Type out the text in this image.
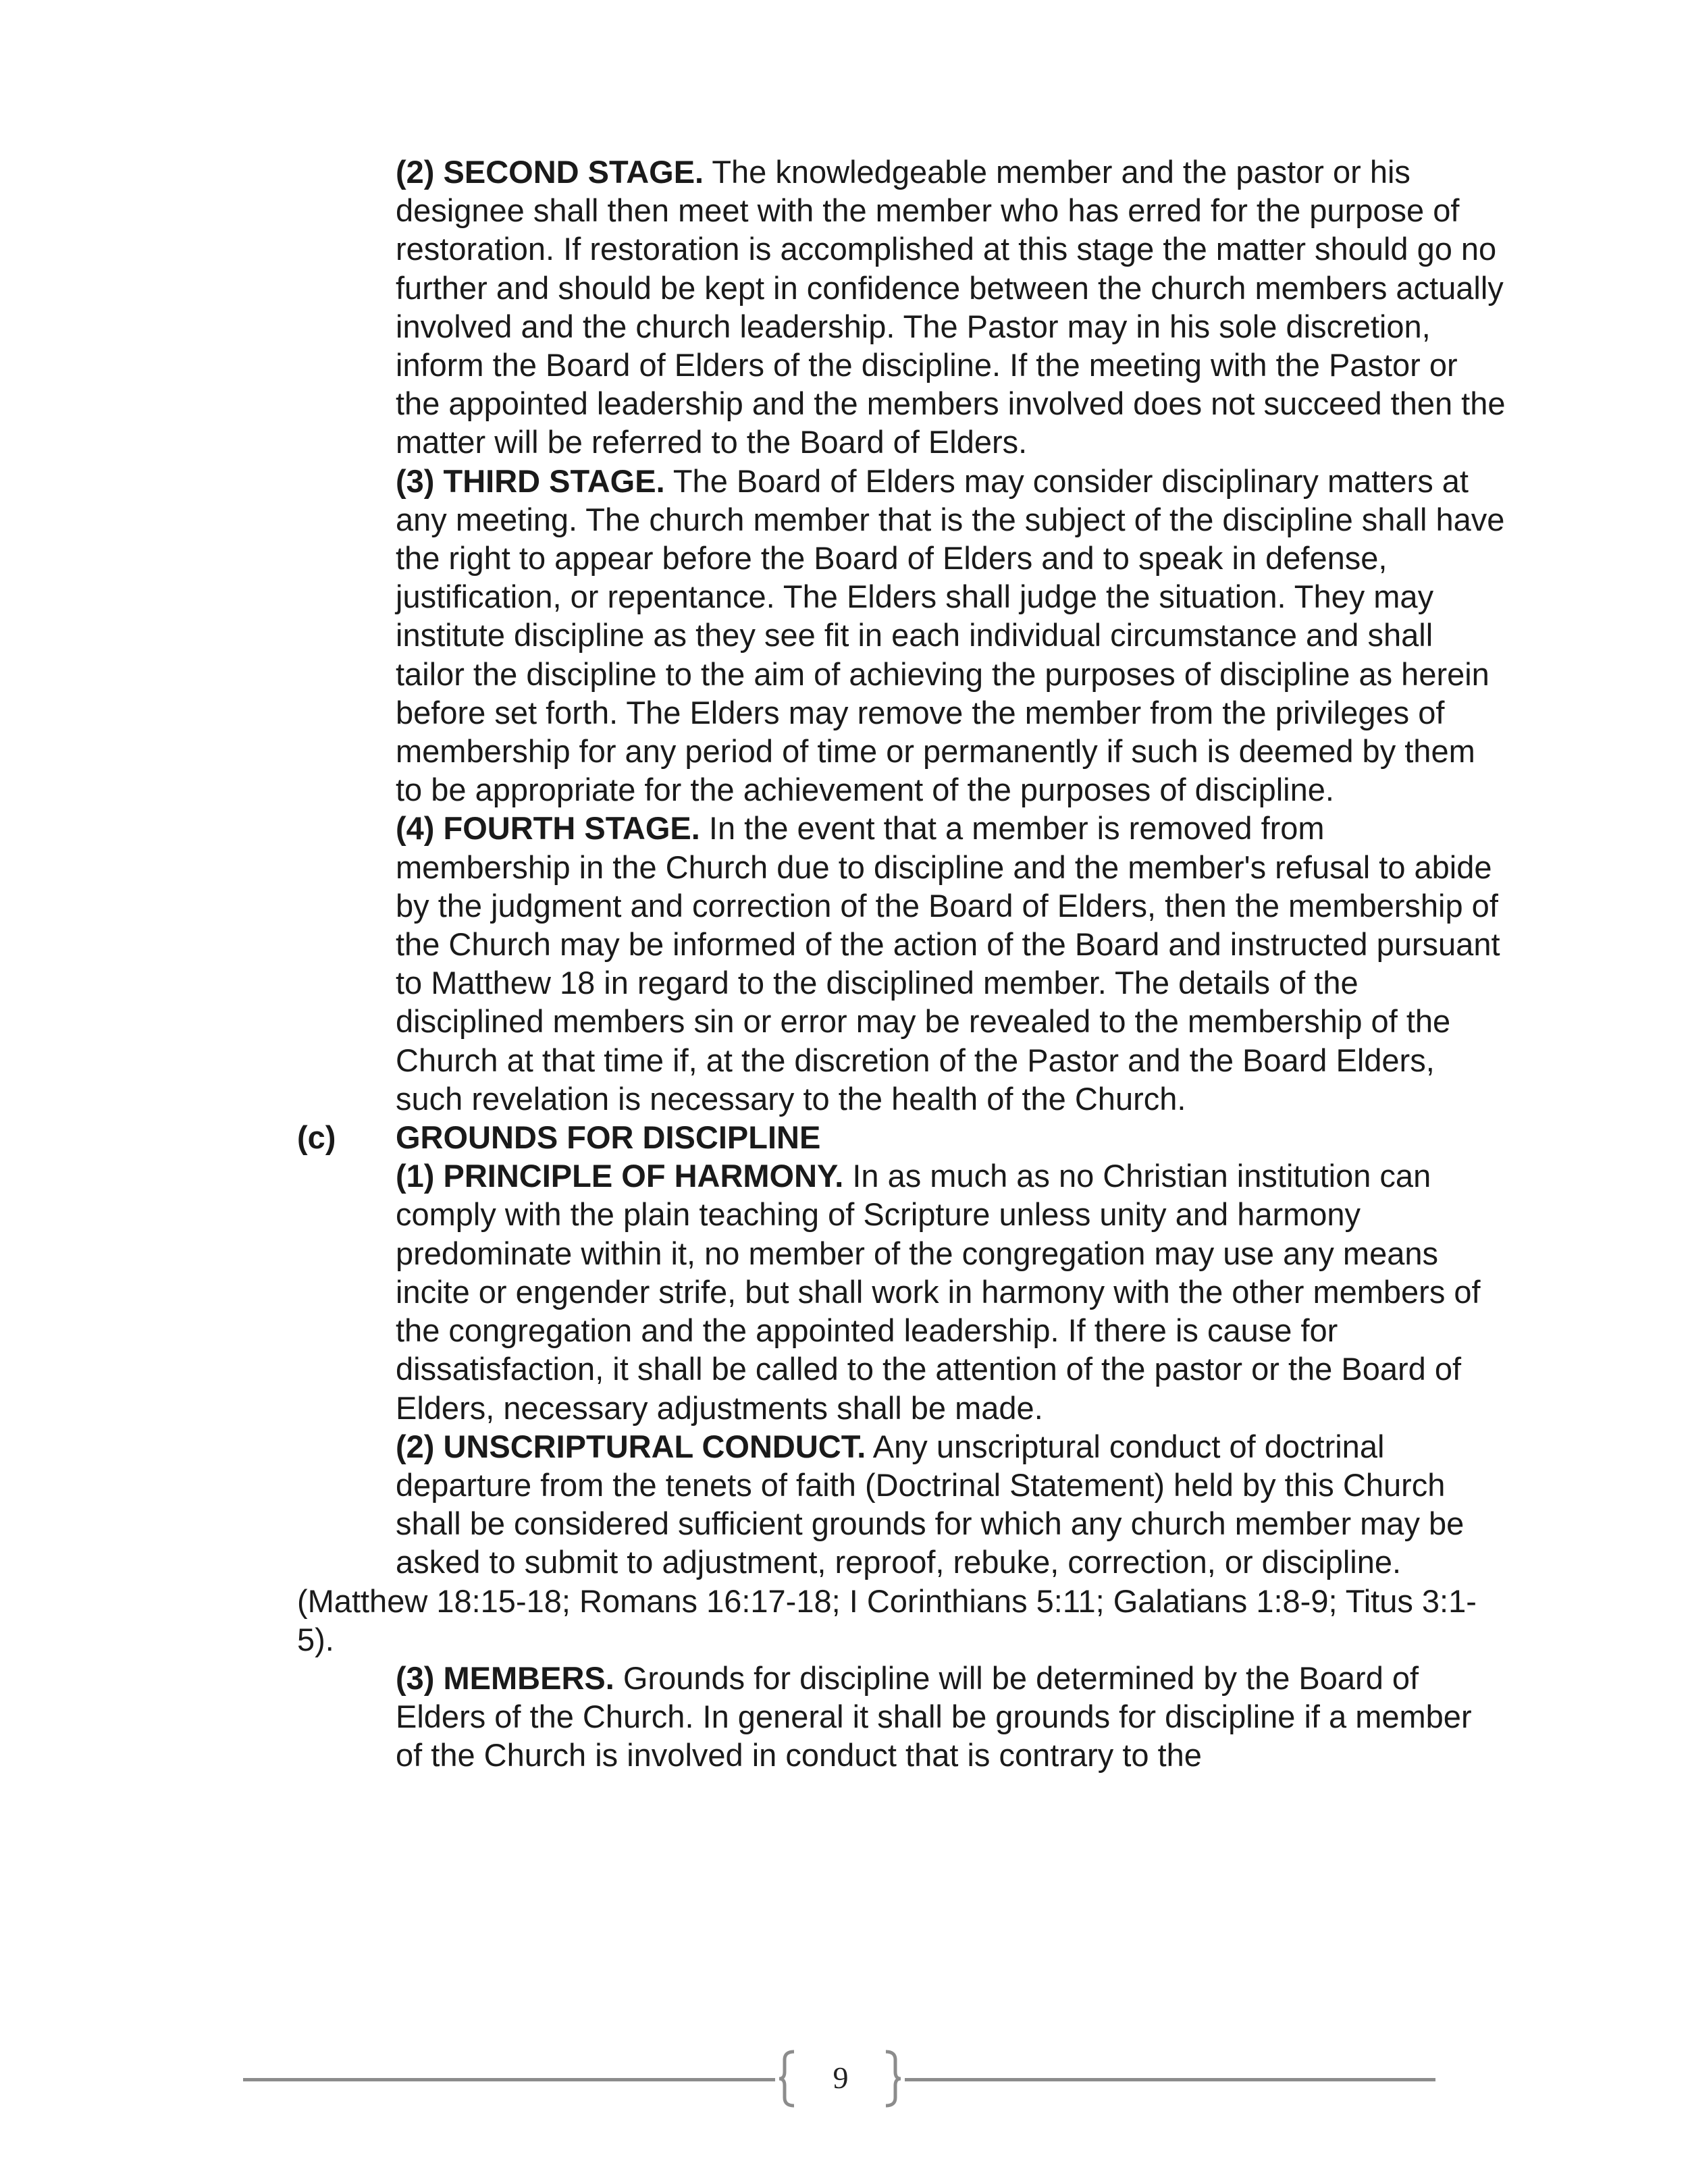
(2) SECOND STAGE. The knowledgeable member and the pastor or his designee shall then meet with the member who has erred for the purpose of restoration. If restoration is accomplished at this stage the matter should go no further and should be kept in confidence between the church members actually involved and the church leadership. The Pastor may in his sole discretion, inform the Board of Elders of the discipline. If the meeting with the Pastor or the appointed leadership and the members involved does not succeed then the matter will be referred to the Board of Elders.

(3) THIRD STAGE. The Board of Elders may consider disciplinary matters at any meeting. The church member that is the subject of the discipline shall have the right to appear before the Board of Elders and to speak in defense, justification, or repentance. The Elders shall judge the situation. They may institute discipline as they see fit in each individual circumstance and shall tailor the discipline to the aim of achieving the purposes of discipline as herein before set forth. The Elders may remove the member from the privileges of membership for any period of time or permanently if such is deemed by them to be appropriate for the achievement of the purposes of discipline.

(4) FOURTH STAGE. In the event that a member is removed from membership in the Church due to discipline and the member's refusal to abide by the judgment and correction of the Board of Elders, then the membership of the Church may be informed of the action of the Board and instructed pursuant to Matthew 18 in regard to the disciplined member. The details of the disciplined members sin or error may be revealed to the membership of the Church at that time if, at the discretion of the Pastor and the Board Elders, such revelation is necessary to the health of the Church.

(c) GROUNDS FOR DISCIPLINE

(1) PRINCIPLE OF HARMONY. In as much as no Christian institution can comply with the plain teaching of Scripture unless unity and harmony predominate within it, no member of the congregation may use any means incite or engender strife, but shall work in harmony with the other members of the congregation and the appointed leadership. If there is cause for dissatisfaction, it shall be called to the attention of the pastor or the Board of Elders, necessary adjustments shall be made.

(2) UNSCRIPTURAL CONDUCT. Any unscriptural conduct of doctrinal departure from the tenets of faith (Doctrinal Statement) held by this Church shall be considered sufficient grounds for which any church member may be asked to submit to adjustment, reproof, rebuke, correction, or discipline.

(Matthew 18:15-18; Romans 16:17-18; I Corinthians 5:11; Galatians 1:8-9; Titus 3:1-5).

(3) MEMBERS. Grounds for discipline will be determined by the Board of Elders of the Church. In general it shall be grounds for discipline if a member of the Church is involved in conduct that is contrary to the

9
